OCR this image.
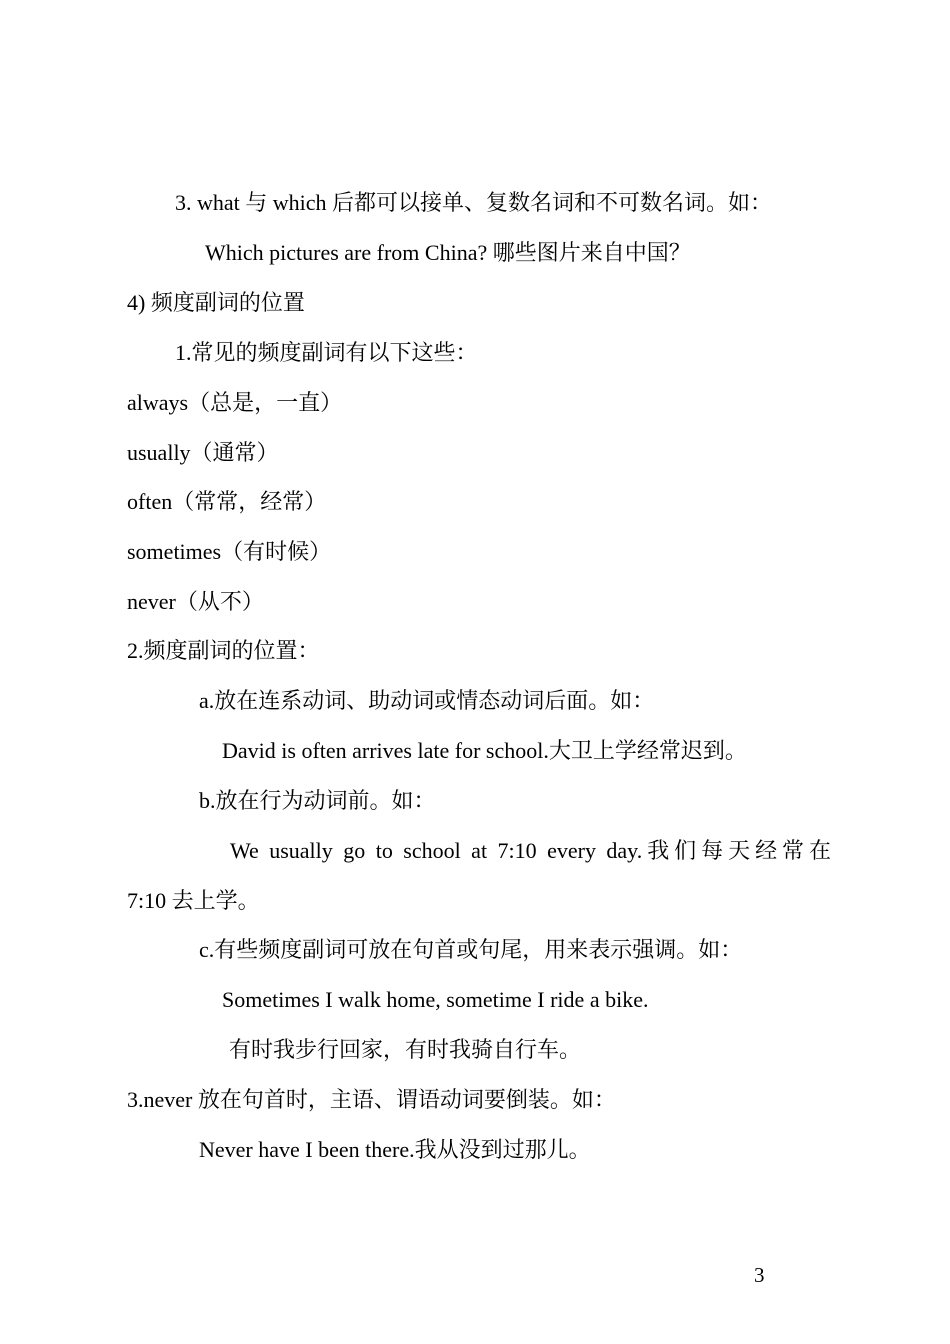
3. what 与 which 后都可以接单、复数名词和不可数名词。如：
Which pictures are from China? 哪些图片来自中国？
4) 频度副词的位置
1.常见的频度副词有以下这些：
always（总是，一直）
usually（通常）
often（常常，经常）
sometimes（有时候）
never（从不）
2.频度副词的位置：
a.放在连系动词、助动词或情态动词后面。如：
David is often arrives late for school.大卫上学经常迟到。
b.放在行为动词前。如：
We usually go to school at 7:10 every day.我们每天经常在
7:10 去上学。
c.有些频度副词可放在句首或句尾，用来表示强调。如：
Sometimes I walk home, sometime I ride a bike.
有时我步行回家，有时我骑自行车。
3.never 放在句首时，主语、谓语动词要倒装。如：
Never have I been there.我从没到过那儿。
3
